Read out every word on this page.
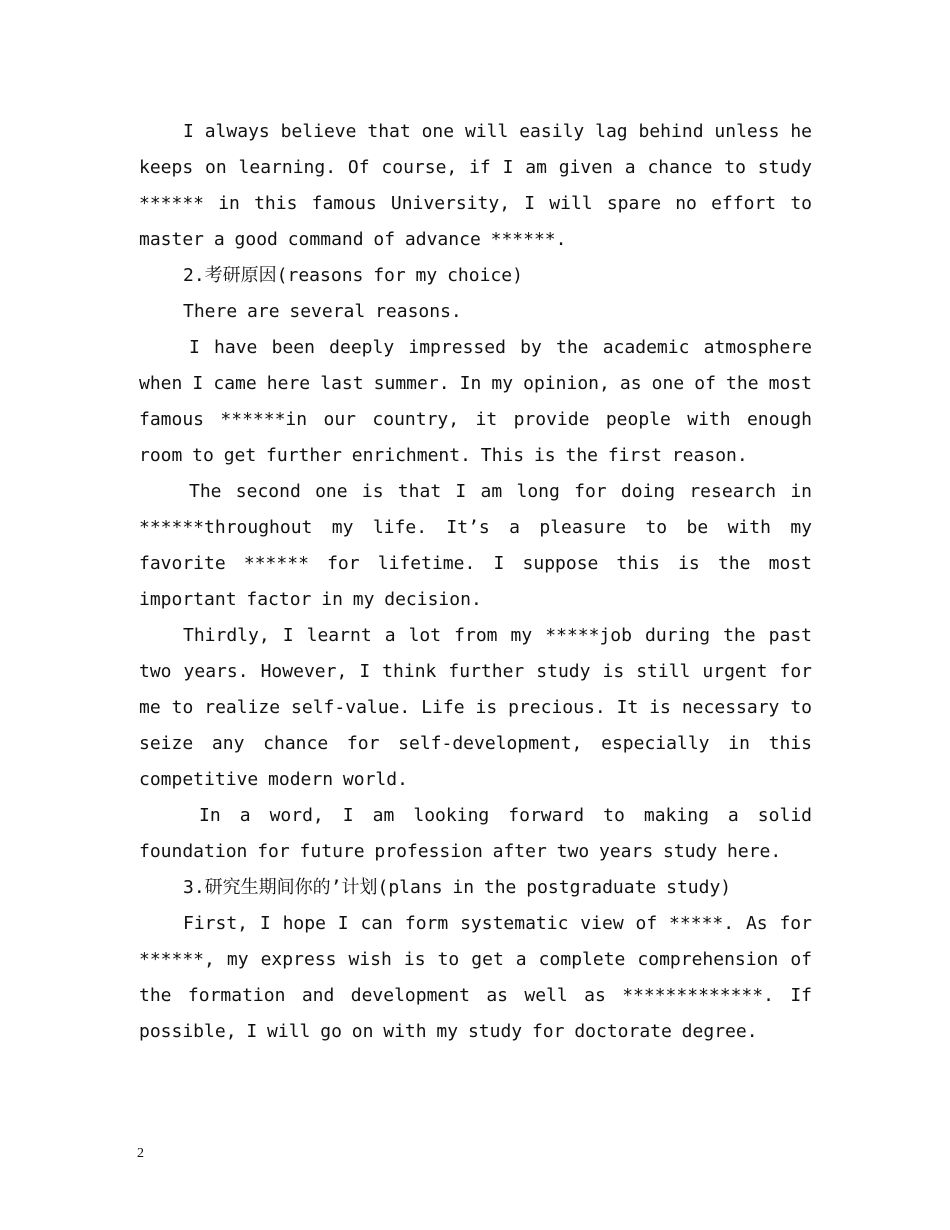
I always believe that one will easily lag behind unless he keeps on learning. Of course, if I am given a chance to study ****** in this famous University, I will spare no effort to master a good command of advance ******.

2.考研原因(reasons for my choice)

There are several reasons.

I have been deeply impressed by the academic atmosphere when I came here last summer. In my opinion, as one of the most famous ******in our country, it provide people with enough room to get further enrichment. This is the first reason.

The second one is that I am long for doing research in ******throughout my life. It’s a pleasure to be with my favorite ****** for lifetime. I suppose this is the most important factor in my decision.

Thirdly, I learnt a lot from my *****job during the past two years. However, I think further study is still urgent for me to realize self-value. Life is precious. It is necessary to seize any chance for self-development, especially in this competitive modern world.

In a word, I am looking forward to making a solid foundation for future profession after two years study here.

3.研究生期间你的’计划(plans in the postgraduate study)

First, I hope I can form systematic view of *****. As for ******, my express wish is to get a complete comprehension of the formation and development as well as *************. If possible, I will go on with my study for doctorate degree.

2
